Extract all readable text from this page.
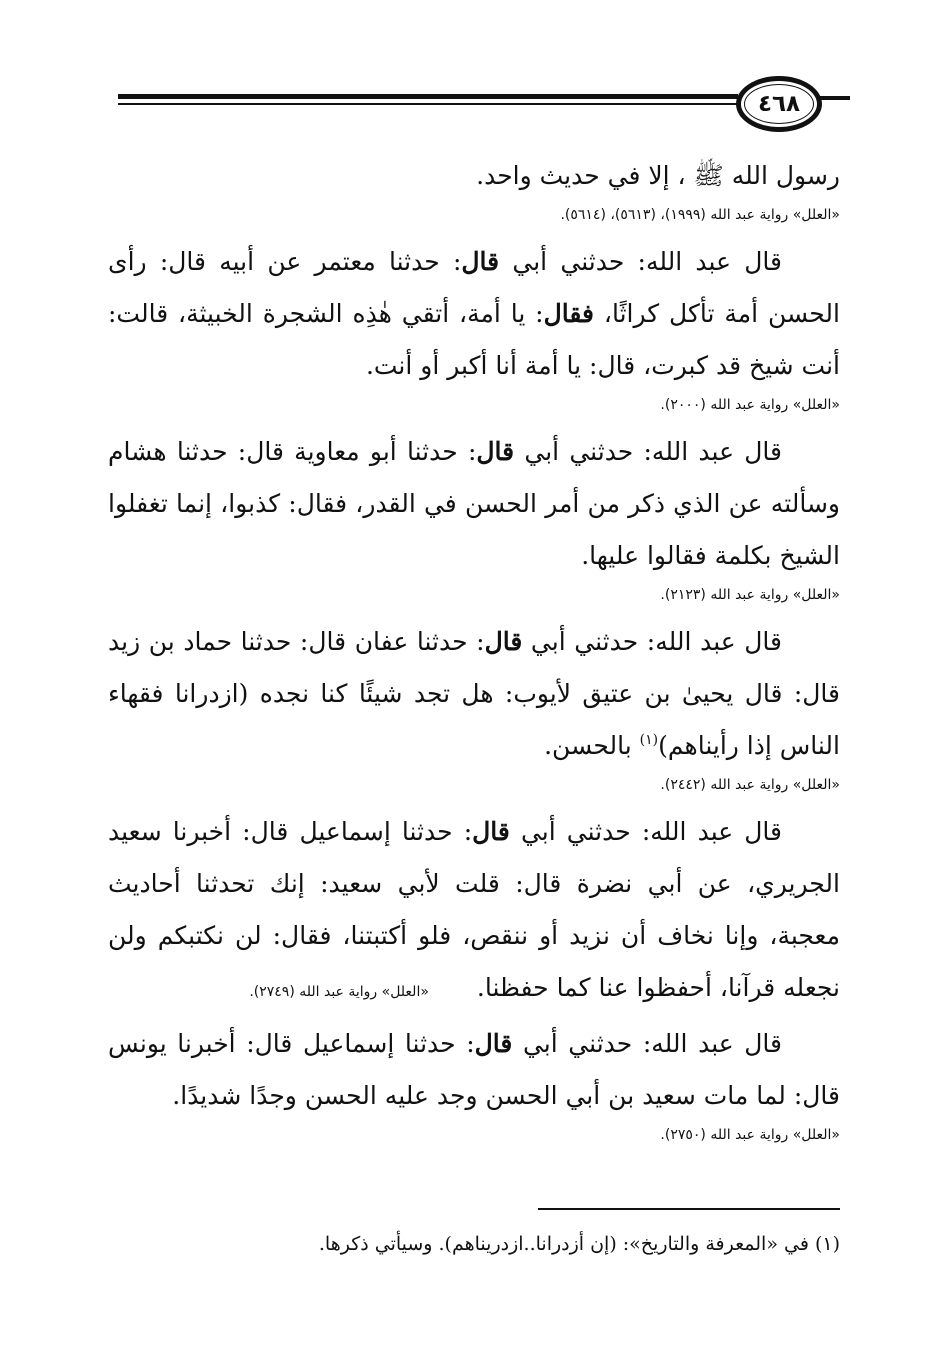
٤٦٨

رسول الله ﷺ ، إلا في حديث واحد.

«العلل» رواية عبد الله (١٩٩٩)، (٥٦١٣)، (٥٦١٤).

قال عبد الله: حدثني أبي قال: حدثنا معتمر عن أبيه قال: رأى الحسن أمة تأكل كراثًا، فقال: يا أمة، أتقي هٰذِه الشجرة الخبيثة، قالت: أنت شيخ قد كبرت، قال: يا أمة أنا أكبر أو أنت.

«العلل» رواية عبد الله (٢٠٠٠).

قال عبد الله: حدثني أبي قال: حدثنا أبو معاوية قال: حدثنا هشام وسألته عن الذي ذكر من أمر الحسن في القدر، فقال: كذبوا، إنما تغفلوا الشيخ بكلمة فقالوا عليها.

«العلل» رواية عبد الله (٢١٢٣).

قال عبد الله: حدثني أبي قال: حدثنا عفان قال: حدثنا حماد بن زيد قال: قال يحيىٰ بن عتيق لأيوب: هل تجد شيئًا كنا نجده (ازدرانا فقهاء الناس إذا رأيناهم)$^{(١)}$ بالحسن.

«العلل» رواية عبد الله (٢٤٤٢).

قال عبد الله: حدثني أبي قال: حدثنا إسماعيل قال: أخبرنا سعيد الجريري، عن أبي نضرة قال: قلت لأبي سعيد: إنك تحدثنا أحاديث معجبة، وإنا نخاف أن نزيد أو ننقص، فلو أكتبتنا، فقال: لن نكتبكم ولن نجعله قرآنا، أحفظوا عنا كما حفظنا.«العلل» رواية عبد الله (٢٧٤٩).

قال عبد الله: حدثني أبي قال: حدثنا إسماعيل قال: أخبرنا يونس قال: لما مات سعيد بن أبي الحسن وجد عليه الحسن وجدًا شديدًا.

«العلل» رواية عبد الله (٢٧٥٠).
(١) في «المعرفة والتاريخ»: (إن أزدرانا..ازدريناهم). وسيأتي ذكرها.
